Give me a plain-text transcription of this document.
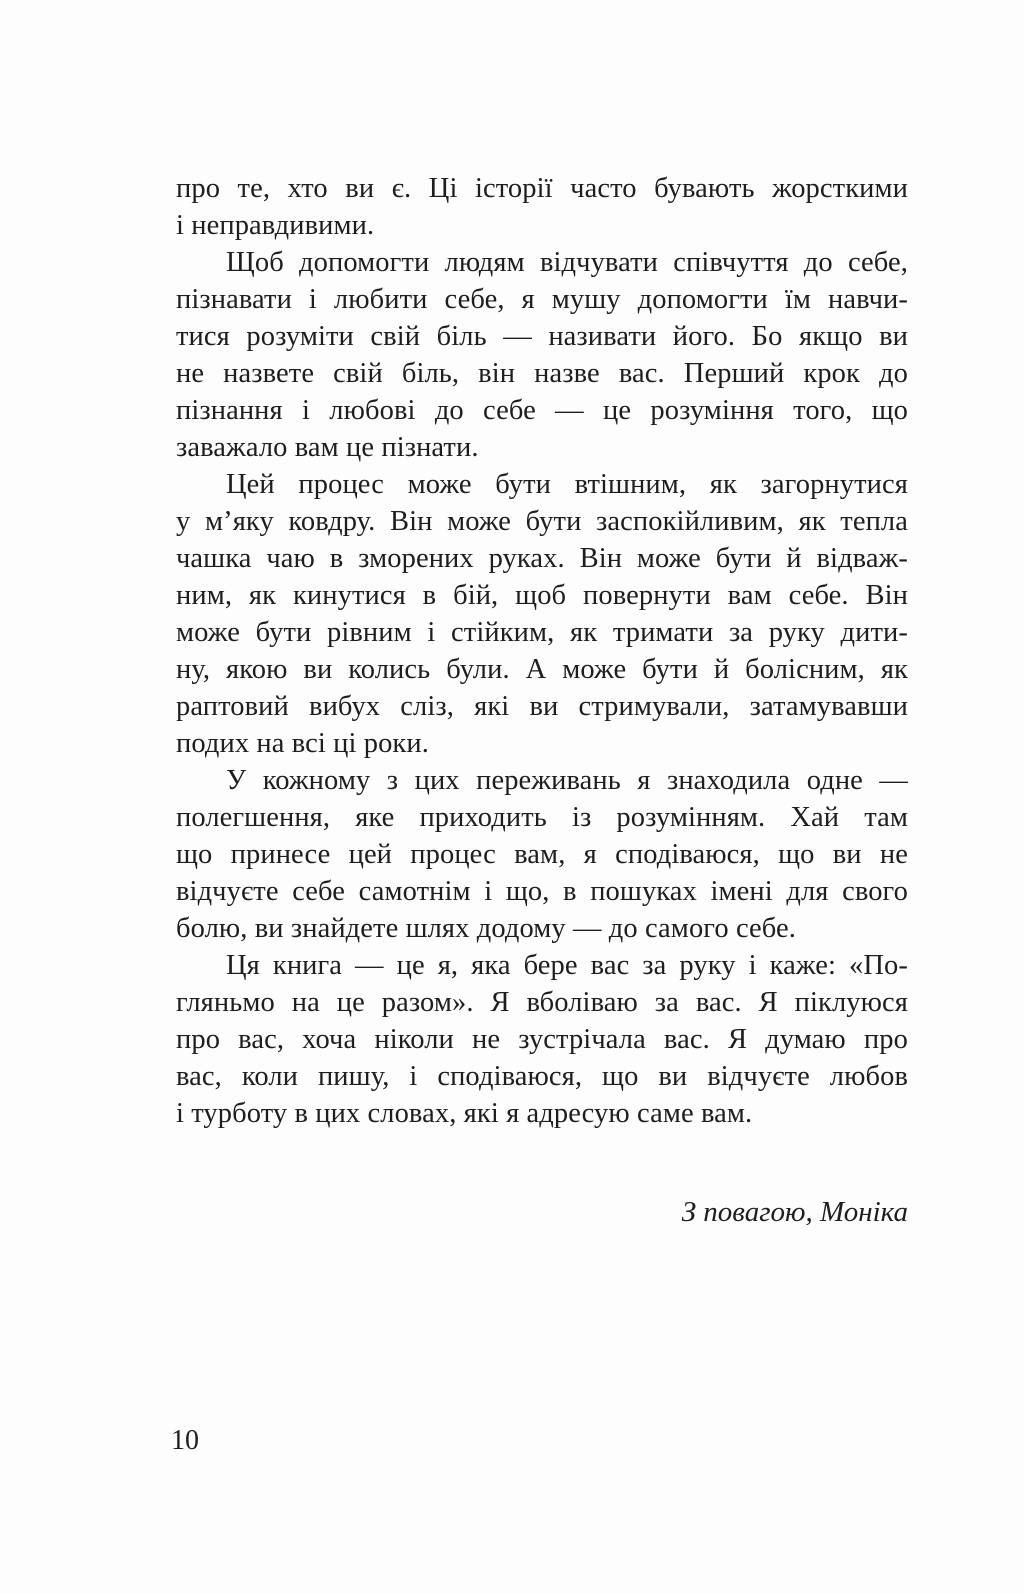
про те, хто ви є. Ці історії часто бувають жорсткими
і неправдивими.
Щоб допомогти людям відчувати співчуття до себе,
пізнавати і любити себе, я мушу допомогти їм навчи-
тися розуміти свій біль — називати його. Бо якщо ви
не назвете свій біль, він назве вас. Перший крок до
пізнання і любові до себе — це розуміння того, що
заважало вам це пізнати.
Цей процес може бути втішним, як загорнутися
у м’яку ковдру. Він може бути заспокійливим, як тепла
чашка чаю в зморених руках. Він може бути й відваж-
ним, як кинутися в бій, щоб повернути вам себе. Він
може бути рівним і стійким, як тримати за руку дити-
ну, якою ви колись були. А може бути й болісним, як
раптовий вибух сліз, які ви стримували, затамувавши
подих на всі ці роки.
У кожному з цих переживань я знаходила одне —
полегшення, яке приходить із розумінням. Хай там
що принесе цей процес вам, я сподіваюся, що ви не
відчуєте себе самотнім і що, в пошуках імені для свого
болю, ви знайдете шлях додому — до самого себе.
Ця книга — це я, яка бере вас за руку і каже: «По-
гляньмо на це разом». Я вболіваю за вас. Я піклуюся
про вас, хоча ніколи не зустрічала вас. Я думаю про
вас, коли пишу, і сподіваюся, що ви відчуєте любов
і турботу в цих словах, які я адресую саме вам.
З повагою, Моніка
10
